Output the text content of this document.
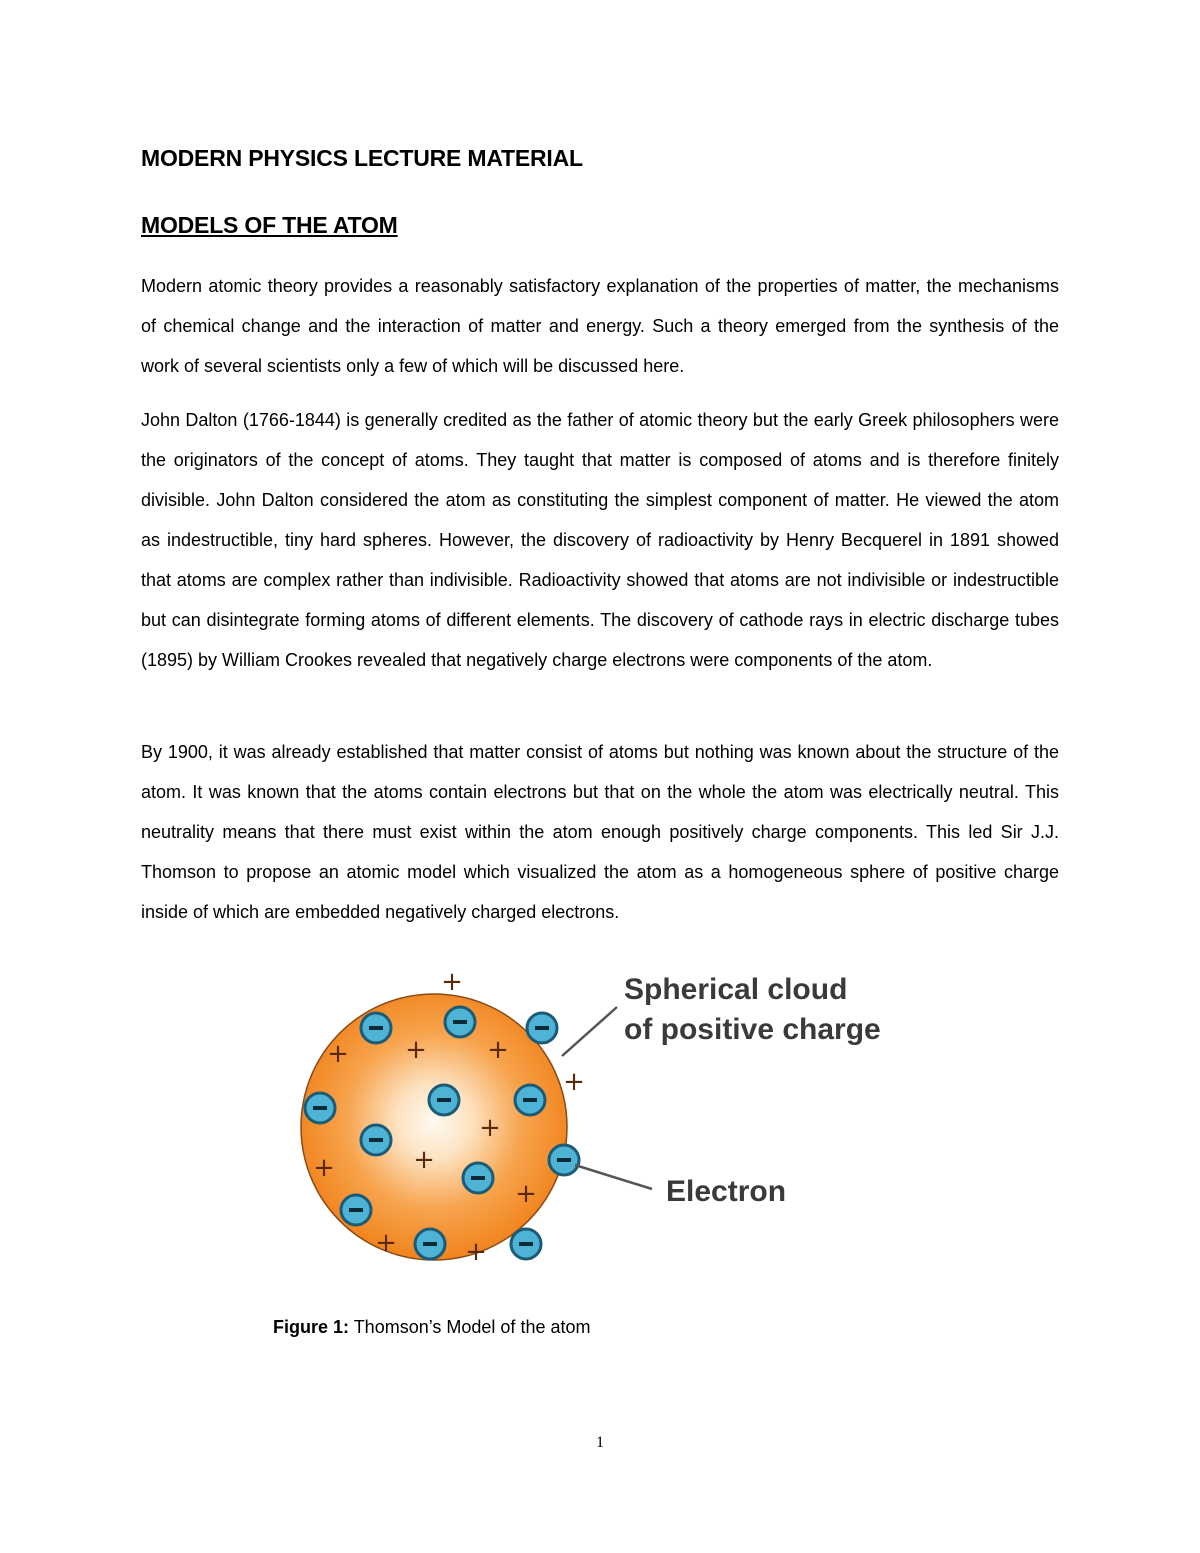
MODERN PHYSICS LECTURE MATERIAL
MODELS OF THE ATOM

Modern atomic theory provides a reasonably satisfactory explanation of the properties of matter, the mechanisms of chemical change and the interaction of matter and energy. Such a theory emerged from the synthesis of the work of several scientists only a few of which will be discussed here.

John Dalton (1766-1844) is generally credited as the father of atomic theory but the early Greek philosophers were the originators of the concept of atoms. They taught that matter is composed of atoms and is therefore finitely divisible. John Dalton considered the atom as constituting the simplest component of matter. He viewed the atom as indestructible, tiny hard spheres. However, the discovery of radioactivity by Henry Becquerel in 1891 showed that atoms are complex rather than indivisible. Radioactivity showed that atoms are not indivisible or indestructible but can disintegrate forming atoms of different elements. The discovery of cathode rays in electric discharge tubes (1895) by William Crookes revealed that negatively charge electrons were components of the atom.

By 1900, it was already established that matter consist of atoms but nothing was known about the structure of the atom. It was known that the atoms contain electrons but that on the whole the atom was electrically neutral. This neutrality means that there must exist within the atom enough positively charge components. This led Sir J.J. Thomson to propose an atomic model which visualized the atom as a homogeneous sphere of positive charge inside of which are embedded negatively charged electrons.

+
+ + +
+
+
+
+
+
+	+
Spherical cloud
of positive charge
Electron
Figure 1: Thomson’s Model of the atom
1
